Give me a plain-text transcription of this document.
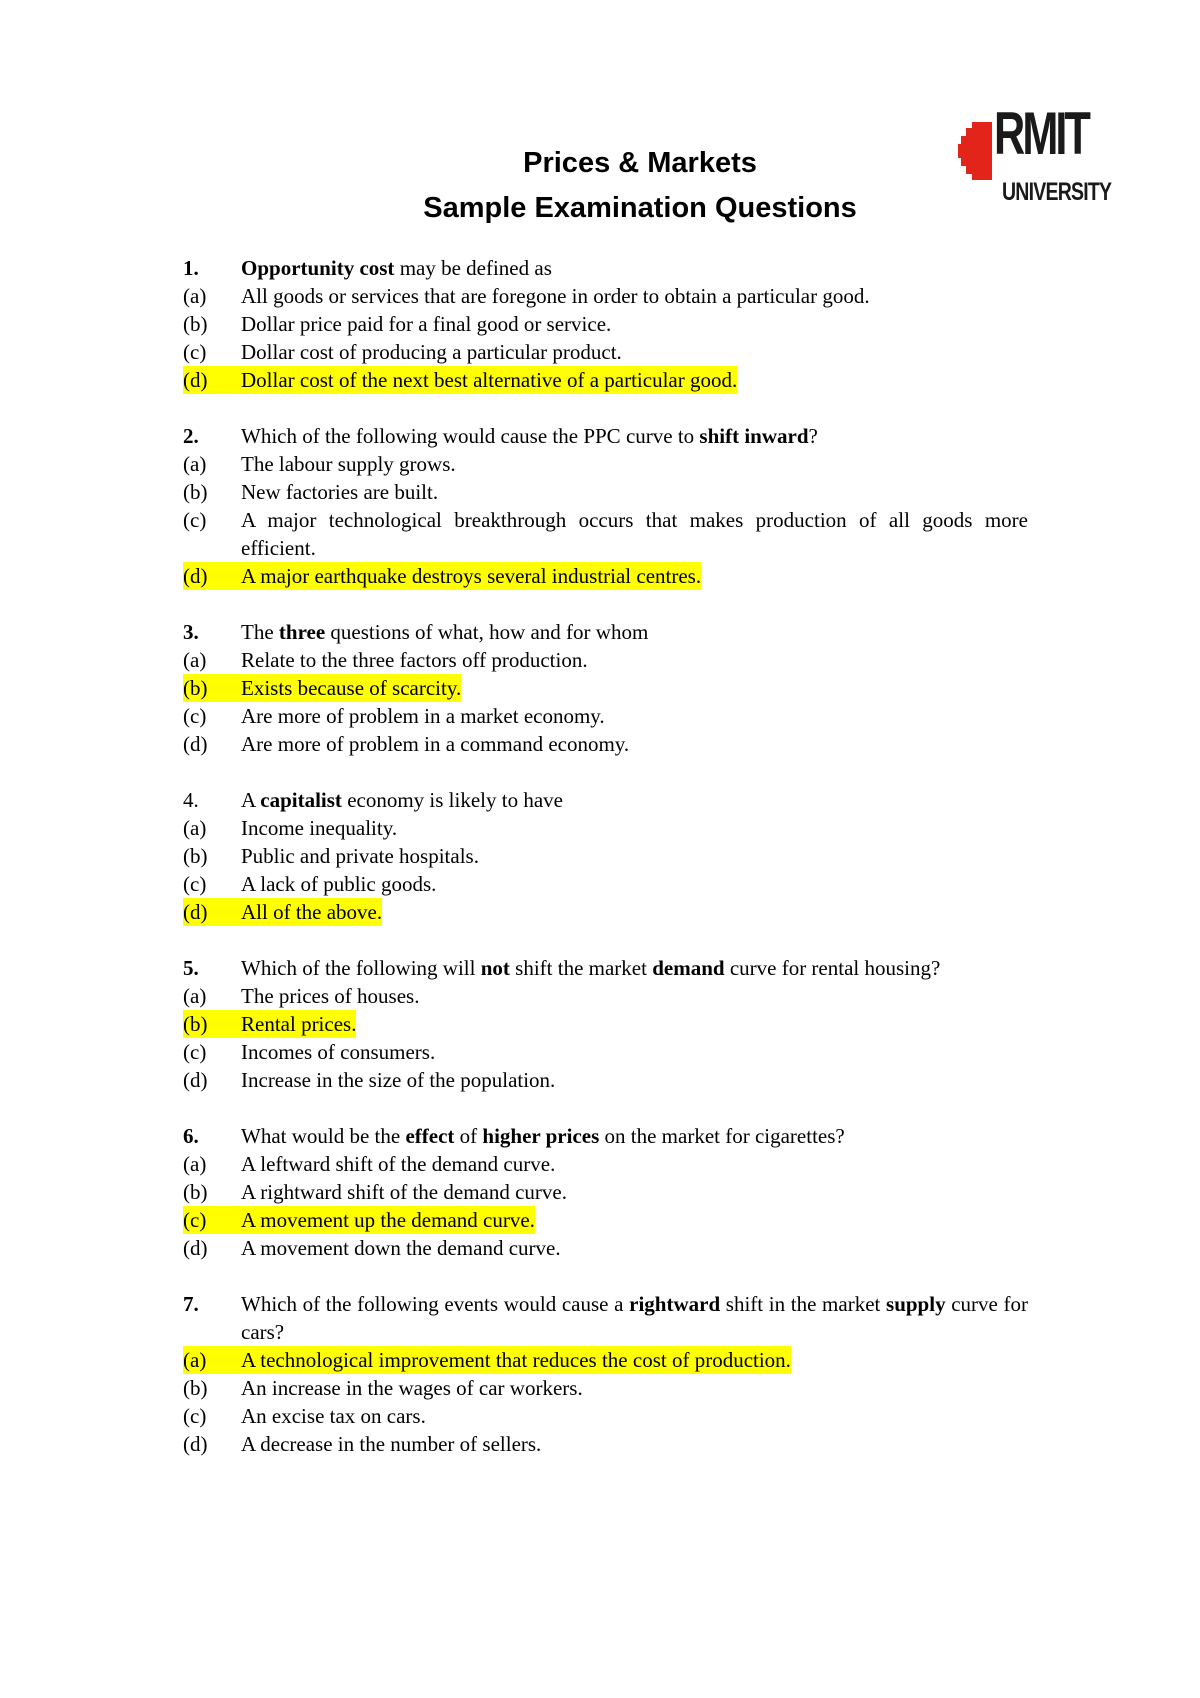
RMIT
UNIVERSITY
Prices & Markets
Sample Examination Questions
1.	Opportunity cost may be defined as
(a)	All goods or services that are foregone in order to obtain a particular good.
(b)	Dollar price paid for a final good or service.
(c)	Dollar cost of producing a particular product.
(d)	Dollar cost of the next best alternative of a particular good.
2.	Which of the following would cause the PPC curve to shift inward?
(a)	The labour supply grows.
(b)	New factories are built.
(c)	A major technological breakthrough occurs that makes production of all goods more efficient.
(d)	A major earthquake destroys several industrial centres.
3.	The three questions of what, how and for whom
(a)	Relate to the three factors off production.
(b)	Exists because of scarcity.
(c)	Are more of problem in a market economy.
(d)	Are more of problem in a command economy.
4.	A capitalist economy is likely to have
(a)	Income inequality.
(b)	Public and private hospitals.
(c)	A lack of public goods.
(d)	All of the above.
5.	Which of the following will not shift the market demand curve for rental housing?
(a)	The prices of houses.
(b)	Rental prices.
(c)	Incomes of consumers.
(d)	Increase in the size of the population.
6.	What would be the effect of higher prices on the market for cigarettes?
(a)	A leftward shift of the demand curve.
(b)	A rightward shift of the demand curve.
(c)	A movement up the demand curve.
(d)	A movement down the demand curve.
7.	Which of the following events would cause a rightward shift in the market supply curve for cars?
(a)	A technological improvement that reduces the cost of production.
(b)	An increase in the wages of car workers.
(c)	An excise tax on cars.
(d)	A decrease in the number of sellers.
